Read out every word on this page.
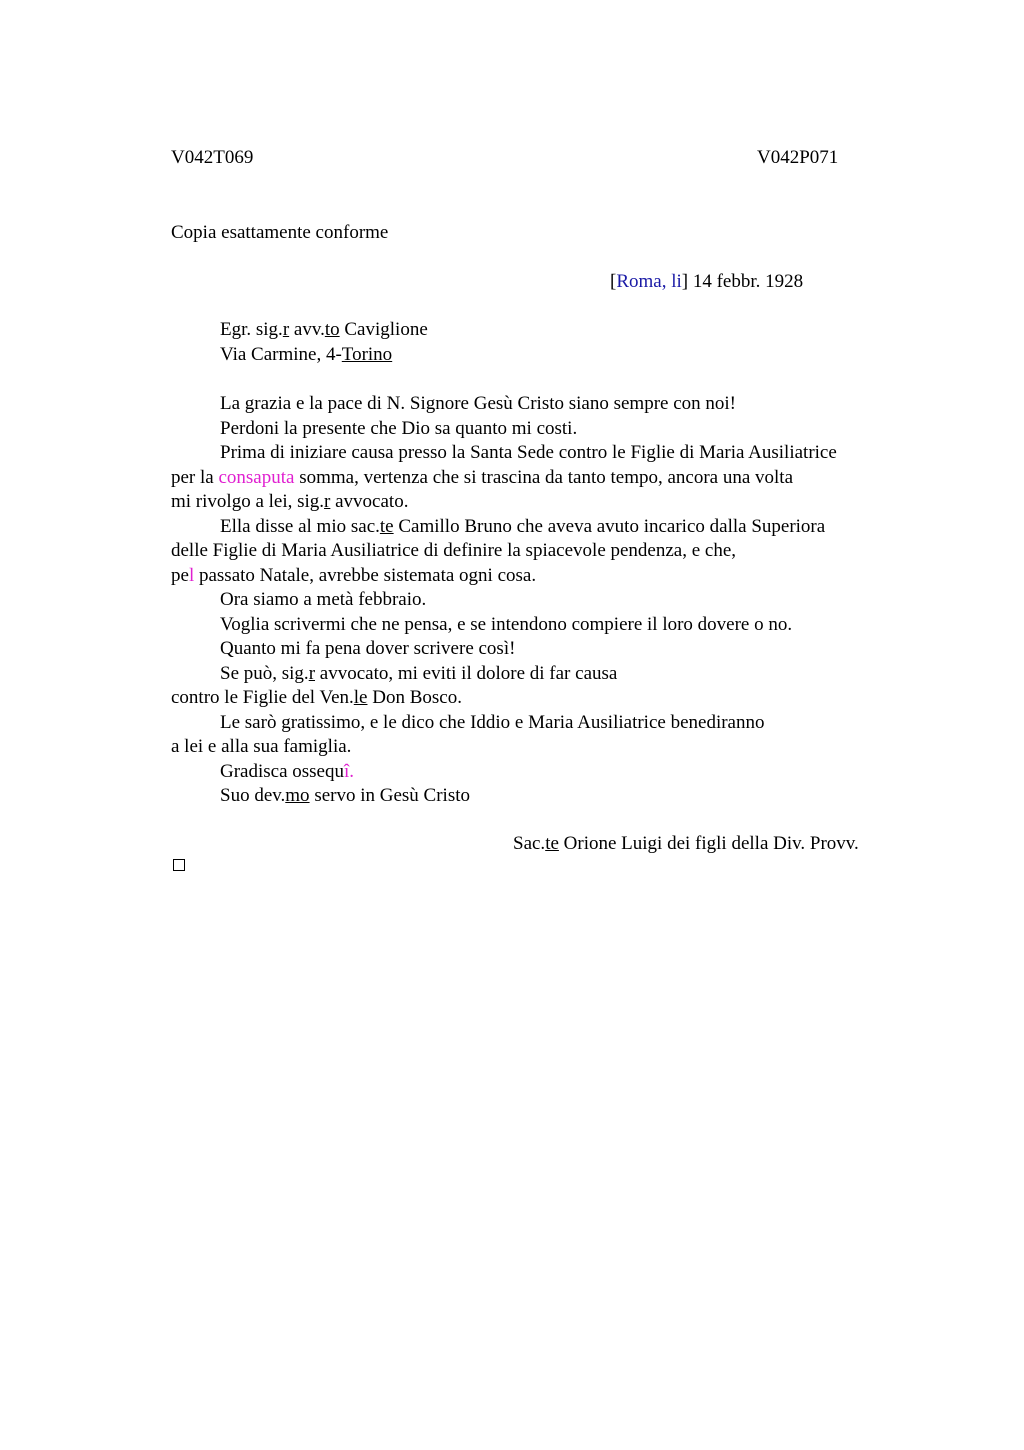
V042T069	V042P071
Copia esattamente conforme
[Roma, li] 14 febbr. 1928
Egr. sig.r avv.to Caviglione
Via Carmine, 4-Torino
La grazia e la pace di N. Signore Gesù Cristo siano sempre con noi!
Perdoni la presente che Dio sa quanto mi costi.
Prima di iniziare causa presso la Santa Sede contro le Figlie di Maria Ausiliatrice
per la consaputa somma, vertenza che si trascina da tanto tempo, ancora una volta
mi rivolgo a lei, sig.r avvocato.
Ella disse al mio sac.te Camillo Bruno che aveva avuto incarico dalla Superiora
delle Figlie di Maria Ausiliatrice di definire la spiacevole pendenza, e che,
pel passato Natale, avrebbe sistemata ogni cosa.
Ora siamo a metà febbraio.
Voglia scrivermi che ne pensa, e se intendono compiere il loro dovere o no.
Quanto mi fa pena dover scrivere così!
Se può, sig.r avvocato, mi eviti il dolore di far causa
contro le Figlie del Ven.le Don Bosco.
Le sarò gratissimo, e le dico che Iddio e Maria Ausiliatrice benediranno
a lei e alla sua famiglia.
Gradisca ossequî.
Suo dev.mo servo in Gesù Cristo
Sac.te Orione Luigi dei figli della Div. Provv.
